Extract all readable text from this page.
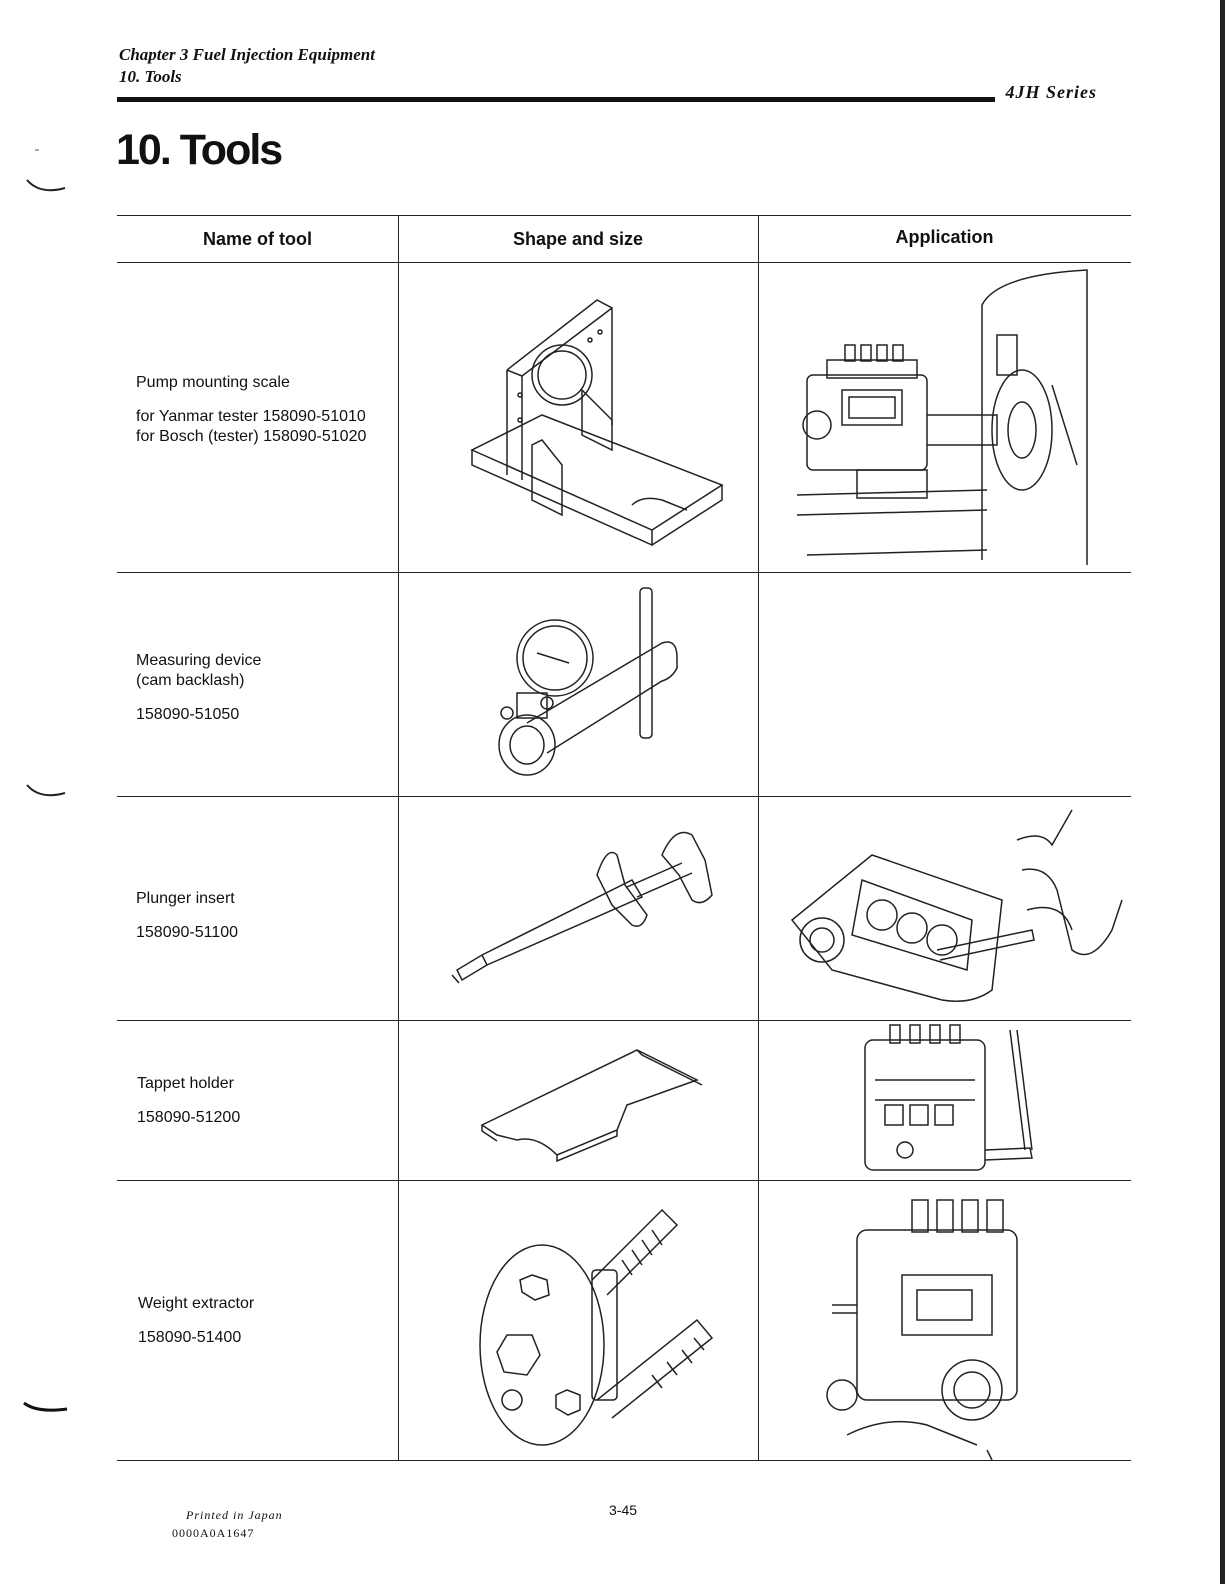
Chapter 3 Fuel Injection Equipment
10. Tools
4JH Series
10. Tools
Name of tool	Shape and size	Application

Pump mounting scale

for Yanmar tester 158090-51010
for Bosch (tester) 158090-51020
Measuring device

(cam backlash)

158090-51050

Plunger insert

158090-51100

Tappet holder

158090-51200

Weight extractor

158090-51400
Printed in Japan
0000A0A1647
3-45
